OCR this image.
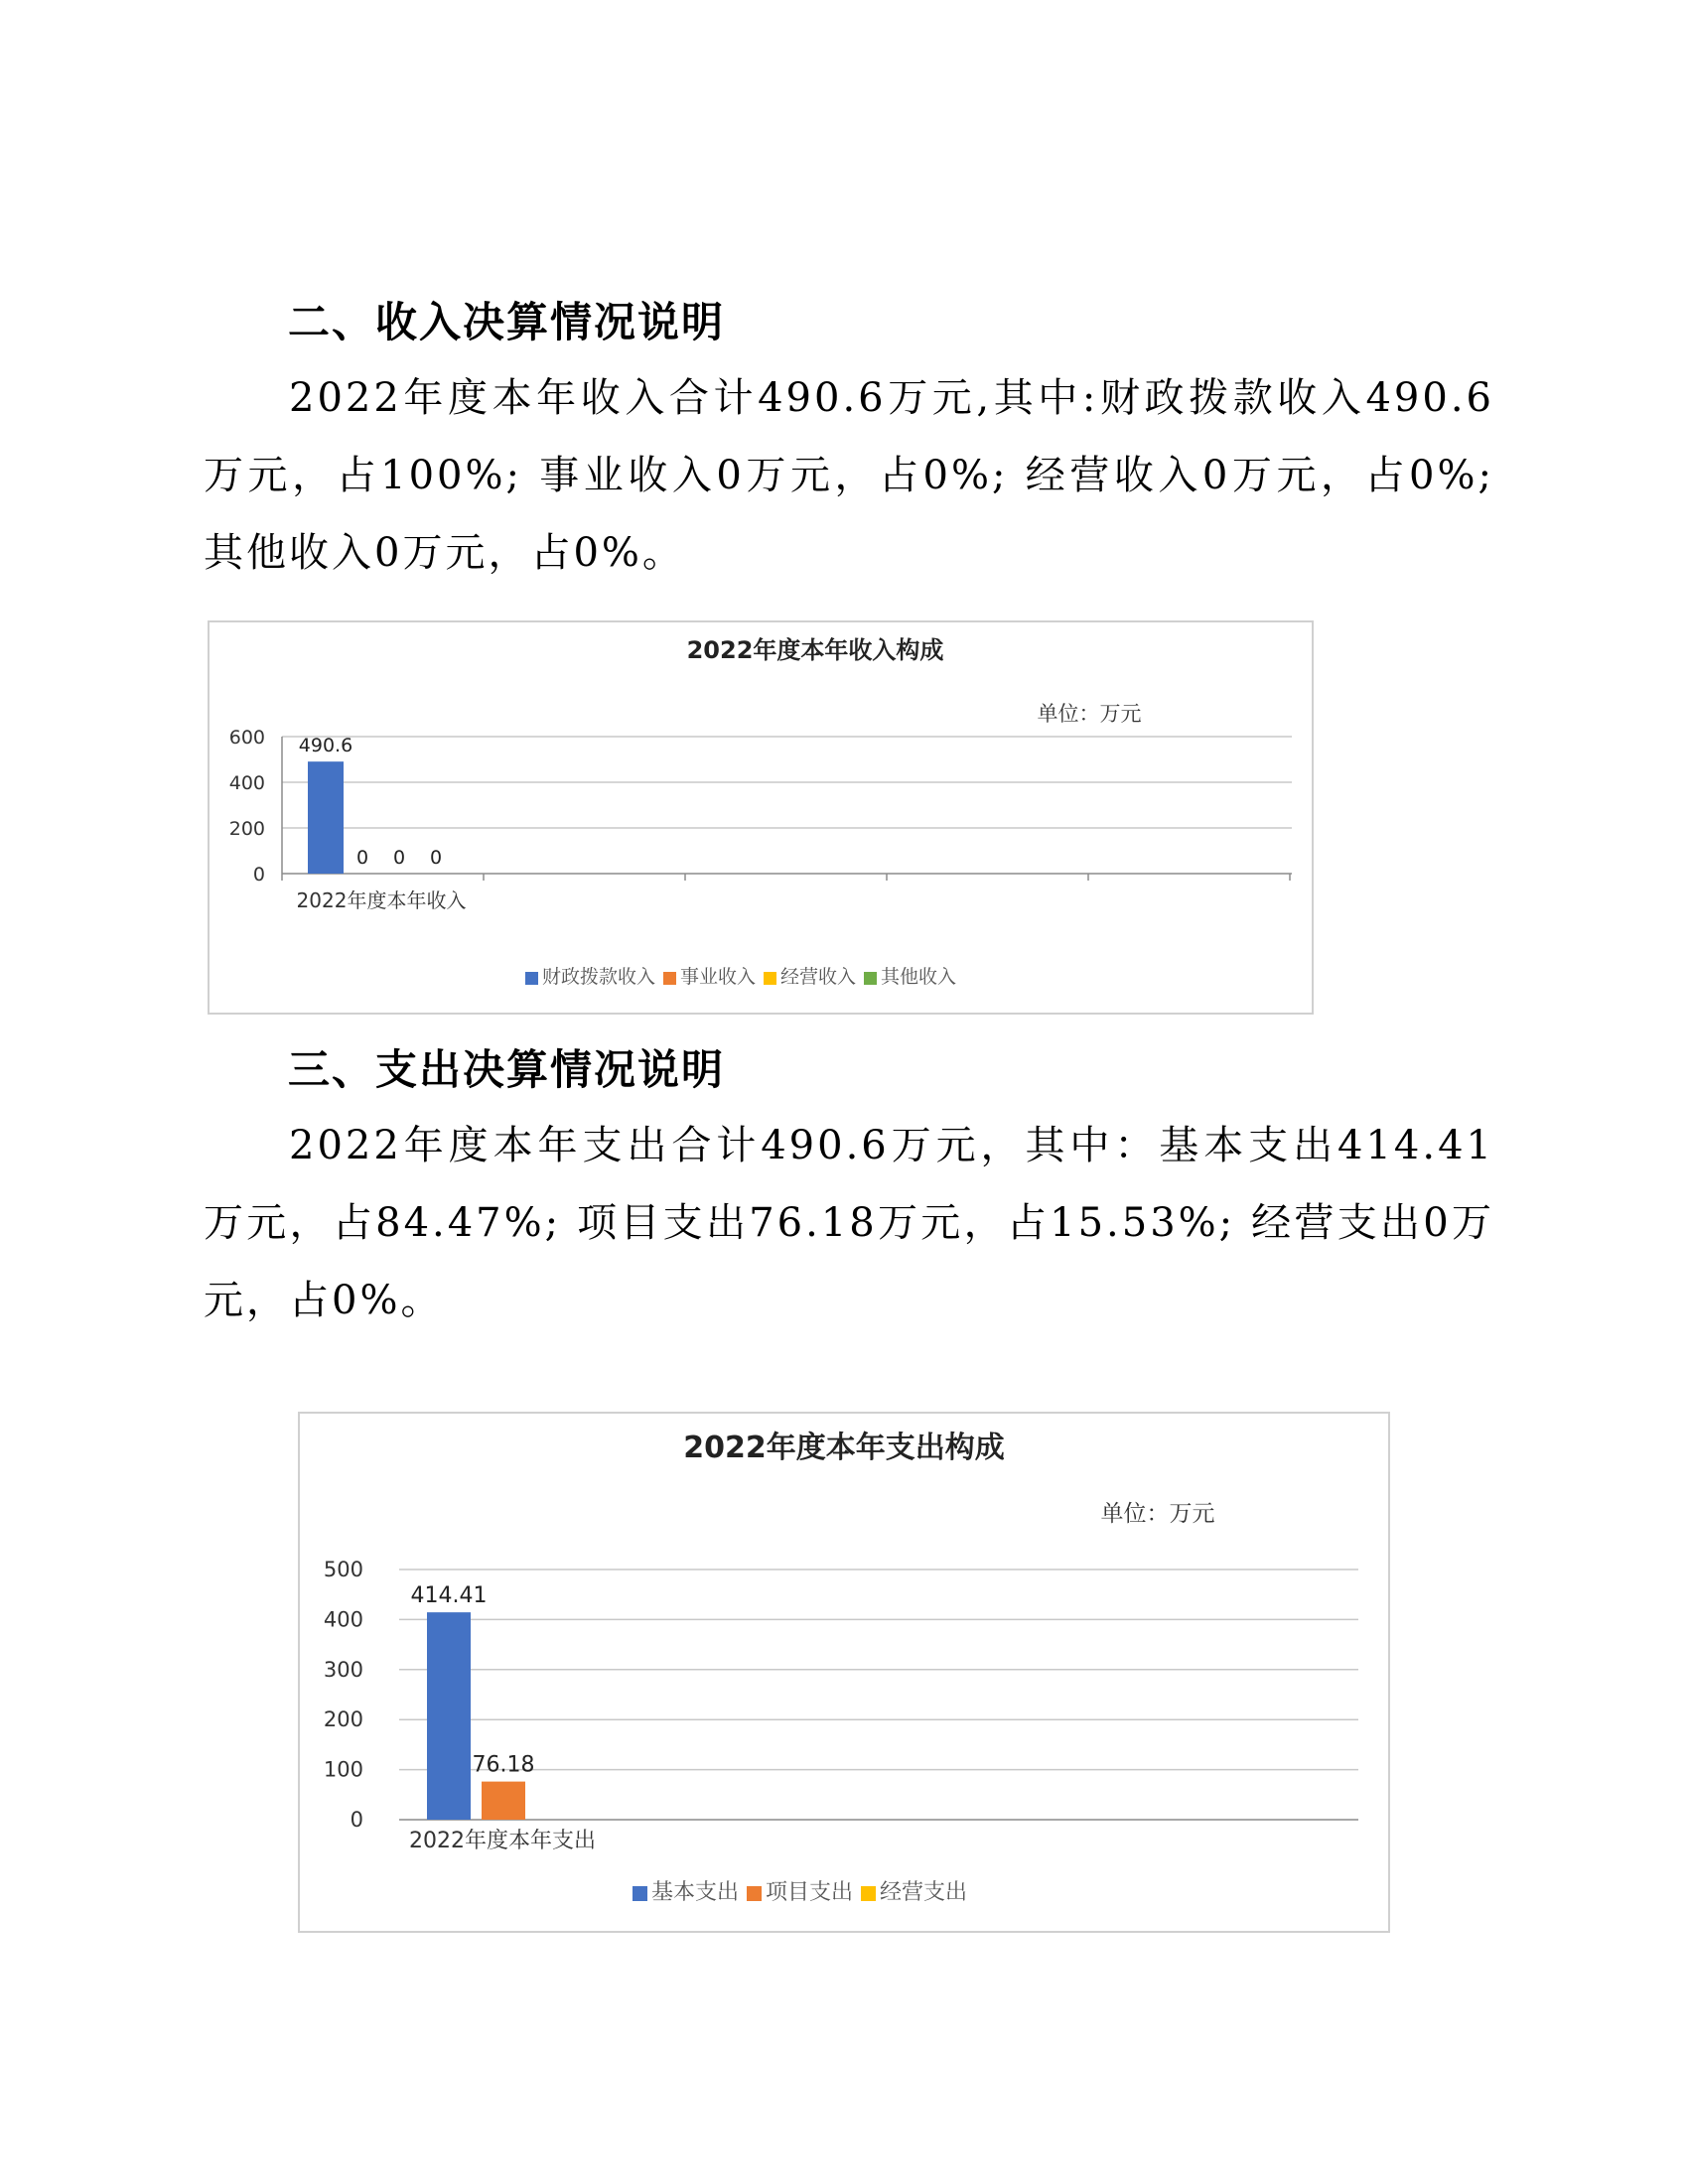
二、收入决算情况说明
2022年度本年收入合计490.6万元,其中:财政拨款收入490.6万元，占100%; 事业收入0万元，占0%; 经营收入0万元，占0%; 其他收入0万元，占0%。
2022年度本年收入构成
单位：万元
0
200
400
600 490.6
0 0 0
2022年度本年收入
财政拨款收入 事业收入 经营收入 其他收入
三、支出决算情况说明
2022年度本年支出合计490.6万元，其中：基本支出414.41万元，占84.47%; 项目支出76.18万元，占15.53%; 经营支出0万元，占0%。
2022年度本年支出构成
单位：万元
0
100
200
300
400
500
414.41
76.18
2022年度本年支出
基本支出 项目支出 经营支出
